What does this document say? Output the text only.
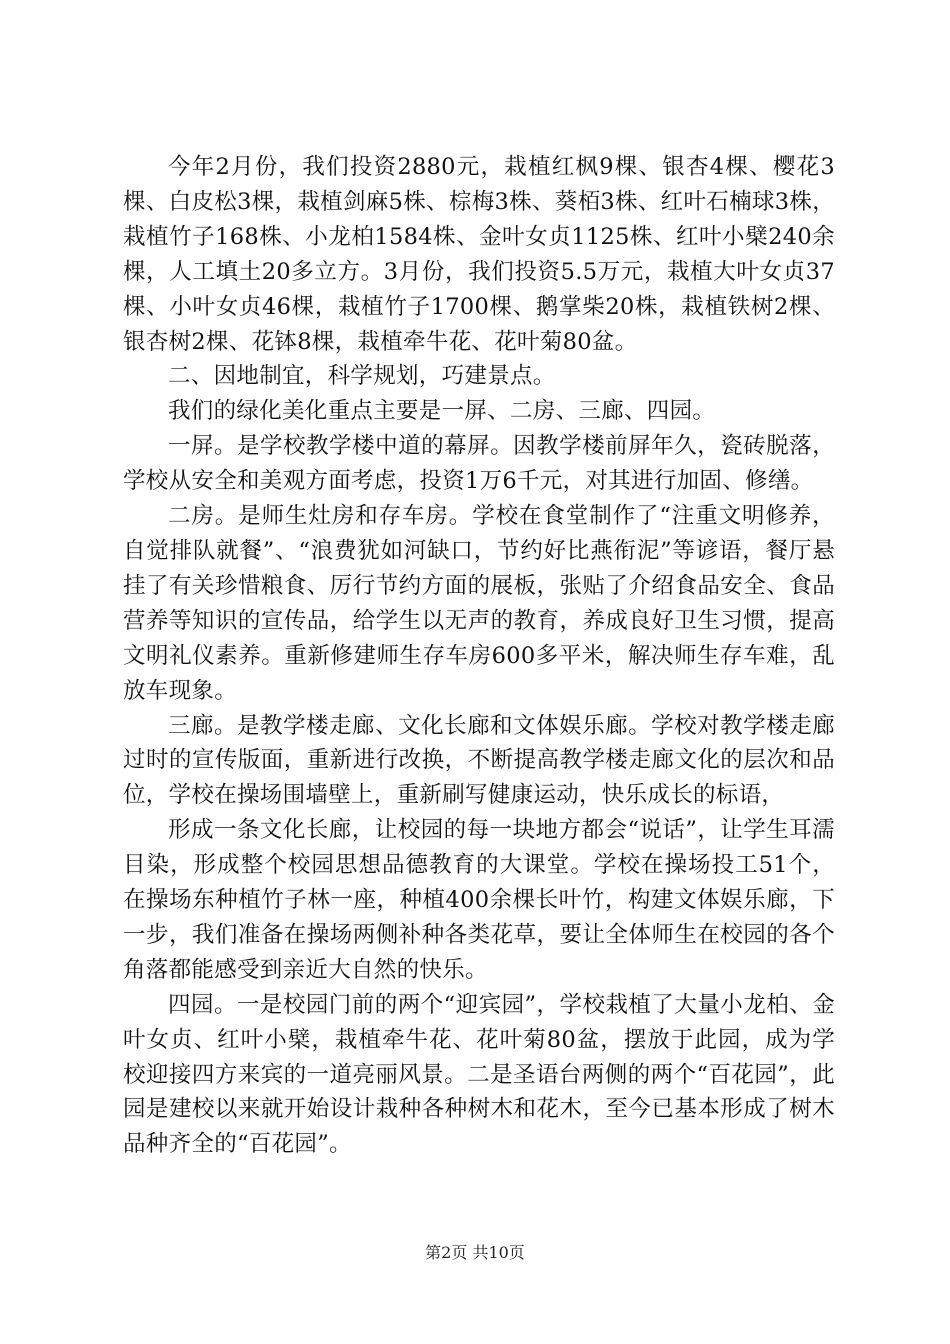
今年2月份，我们投资2880元，栽植红枫9棵、银杏4棵、樱花3棵、白皮松3棵，栽植剑麻5株、棕梅3株、葵栢3株、红叶石楠球3株，栽植竹子168株、小龙柏1584株、金叶女贞1125株、红叶小檗240余棵，人工填土20多立方。3月份，我们投资5.5万元，栽植大叶女贞37棵、小叶女贞46棵，栽植竹子1700棵、鹅掌柴20株，栽植铁树2棵、银杏树2棵、花钵8棵，栽植牵牛花、花叶菊80盆。

二、因地制宜，科学规划，巧建景点。

我们的绿化美化重点主要是一屏、二房、三廊、四园。

一屏。是学校教学楼中道的幕屏。因教学楼前屏年久，瓷砖脱落，学校从安全和美观方面考虑，投资1万6千元，对其进行加固、修缮。

二房。是师生灶房和存车房。学校在食堂制作了“注重文明修养，自觉排队就餐”、“浪费犹如河缺口，节约好比燕衔泥”等谚语，餐厅悬挂了有关珍惜粮食、厉行节约方面的展板，张贴了介绍食品安全、食品营养等知识的宣传品，给学生以无声的教育，养成良好卫生习惯，提高文明礼仪素养。重新修建师生存车房600多平米，解决师生存车难，乱放车现象。

三廊。是教学楼走廊、文化长廊和文体娱乐廊。学校对教学楼走廊过时的宣传版面，重新进行改换，不断提高教学楼走廊文化的层次和品位，学校在操场围墙壁上，重新刷写健康运动，快乐成长的标语，

形成一条文化长廊，让校园的每一块地方都会“说话”，让学生耳濡目染，形成整个校园思想品德教育的大课堂。学校在操场投工51个，在操场东种植竹子林一座，种植400余棵长叶竹，构建文体娱乐廊，下一步，我们准备在操场两侧补种各类花草，要让全体师生在校园的各个角落都能感受到亲近大自然的快乐。

四园。一是校园门前的两个“迎宾园”，学校栽植了大量小龙柏、金叶女贞、红叶小檗，栽植牵牛花、花叶菊80盆，摆放于此园，成为学校迎接四方来宾的一道亮丽风景。二是圣语台两侧的两个“百花园”，此园是建校以来就开始设计栽种各种树木和花木，至今已基本形成了树木品种齐全的“百花园”。

第2页 共10页
